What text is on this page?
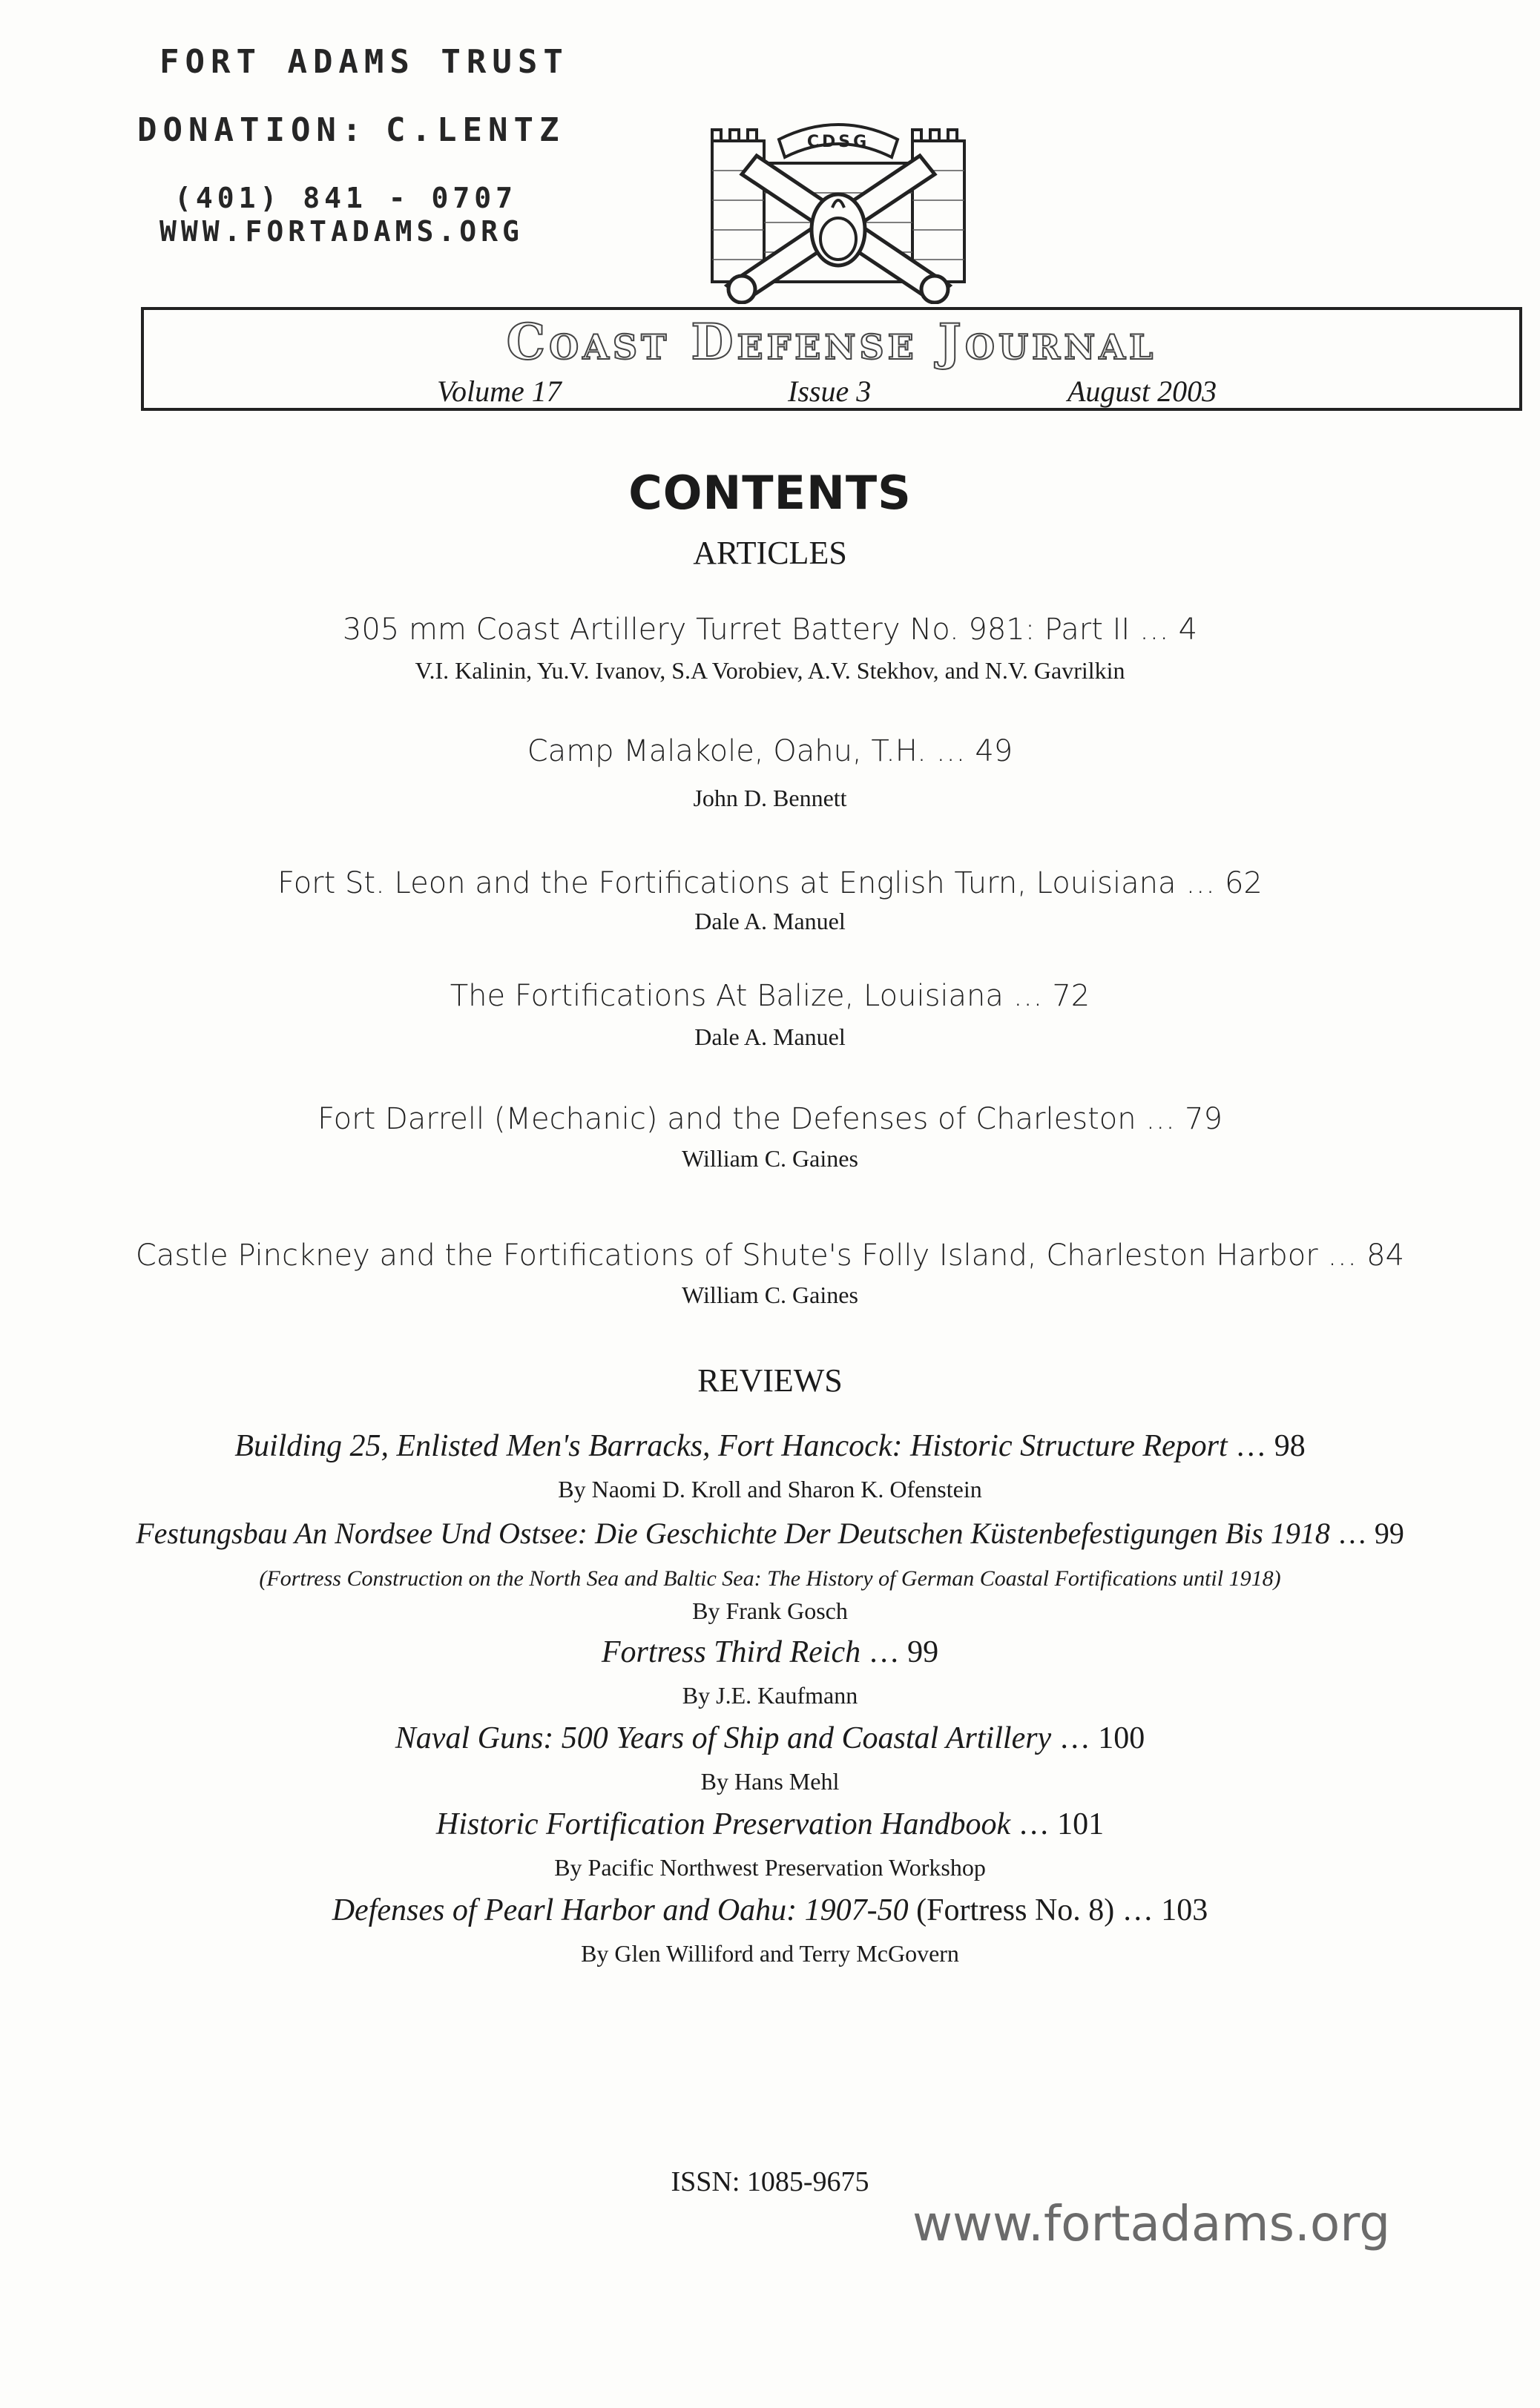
FORT ADAMS TRUST
DONATION: C.LENTZ
(401) 841 - 0707
WWW.FORTADAMS.ORG
CDSG
Coast Defense Journal
Volume 17	Issue 3	August 2003
CONTENTS
ARTICLES
305 mm Coast Artillery Turret Battery No. 981: Part II … 4
V.I. Kalinin, Yu.V. Ivanov, S.A Vorobiev, A.V. Stekhov, and N.V. Gavrilkin
Camp Malakole, Oahu, T.H. … 49
John D. Bennett
Fort St. Leon and the Fortifications at English Turn, Louisiana … 62
Dale A. Manuel
The Fortifications At Balize, Louisiana … 72
Dale A. Manuel
Fort Darrell (Mechanic) and the Defenses of Charleston … 79
William C. Gaines
Castle Pinckney and the Fortifications of Shute's Folly Island, Charleston Harbor … 84
William C. Gaines
REVIEWS
Building 25, Enlisted Men's Barracks, Fort Hancock: Historic Structure Report … 98
By Naomi D. Kroll and Sharon K. Ofenstein
Festungsbau An Nordsee Und Ostsee: Die Geschichte Der Deutschen Küstenbefestigungen Bis 1918 … 99
(Fortress Construction on the North Sea and Baltic Sea: The History of German Coastal Fortifications until 1918)
By Frank Gosch
Fortress Third Reich … 99
By J.E. Kaufmann
Naval Guns: 500 Years of Ship and Coastal Artillery … 100
By Hans Mehl
Historic Fortification Preservation Handbook … 101
By Pacific Northwest Preservation Workshop
Defenses of Pearl Harbor and Oahu: 1907-50 (Fortress No. 8) … 103
By Glen Williford and Terry McGovern
ISSN: 1085-9675
www.fortadams.org
